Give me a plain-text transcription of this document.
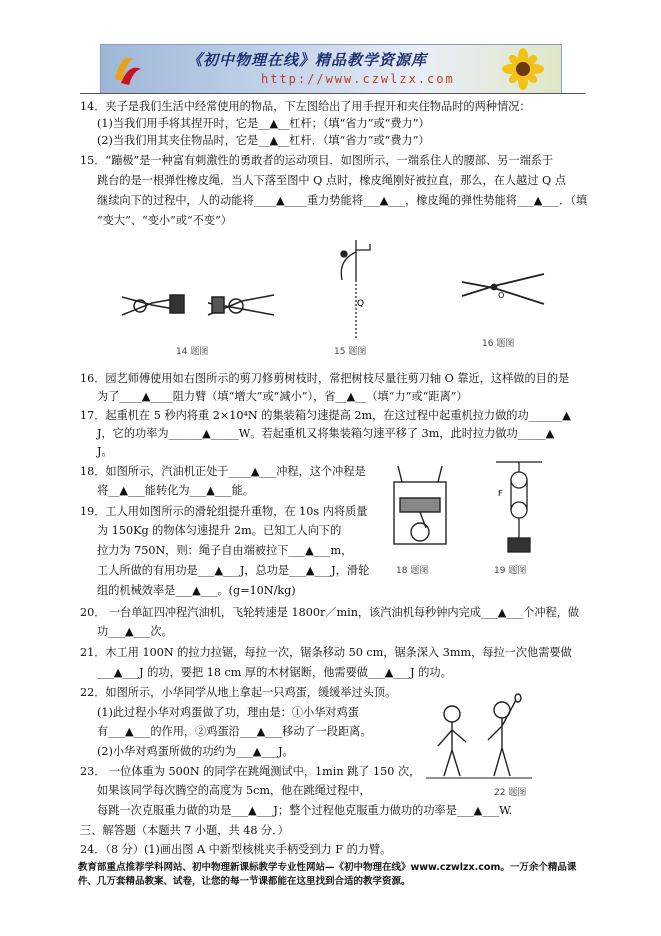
《初中物理在线》精品教学资源库
http://www.czwlzx.com
14．夹子是我们生活中经常使用的物品，下左图给出了用手捏开和夹住物品时的两种情况：
(1)当我们用手将其捏开时，它是__▲__杠杆；（填“省力”或“费力”）
(2)当我们用其夹住物品时，它是__▲__杠杆．（填“省力”或“费力”）
15．“蹦极”是一种富有刺激性的勇敢者的运动项目．如图所示，一端系住人的腰部、另一端系于
跳台的是一根弹性橡皮绳．当人下落至图中 Q 点时，橡皮绳刚好被拉直，那么，在人越过 Q 点
继续向下的过程中，人的动能将____▲____重力势能将___▲___，橡皮绳的弹性势能将___▲___．（填
“变大”、“变小”或“不变”）
14 题图
Q
15 题图
O
16 题图
16．园艺师傅使用如右图所示的剪刀修剪树枝时，常把树枝尽量往剪刀轴 O 靠近，这样做的目的是
为了____▲____阻力臂（填“增大”或“减小”），省__▲__（填“力”或“距离”）
17．起重机在 5 秒内将重 2×10⁴N 的集装箱匀速提高 2m，在这过程中起重机拉力做的功______▲
J，它的功率为______▲_____W。若起重机又将集装箱匀速平移了 3m，此时拉力做功_____▲
J。
18．如图所示，汽油机正处于____▲___冲程，这个冲程是
将__▲___能转化为___▲___能。
19．工人用如图所示的滑轮组提升重物，在 10s 内将质量
为 150Kg 的物体匀速提升 2m。已知工人向下的
拉力为 750N，则：绳子自由端被拉下___▲___m，
工人所做的有用功是___▲___J，总功是___▲___J，滑轮
组的机械效率是___▲___。(g=10N/kg)
18 题图
F
19 题图
20． 一台单缸四冲程汽油机，飞轮转速是 1800r／min，该汽油机每秒钟内完成___▲___个冲程，做
功___▲___次。
21．木工用 100N 的拉力拉锯，每拉一次，锯条移动 50 cm，锯条深入 3mm，每拉一次他需要做
___▲___J 的功，要把 18 cm 厚的木材锯断，他需要做___▲___J 的功。
22．如图所示，小华同学从地上拿起一只鸡蛋，缓缓举过头顶。
(1)此过程小华对鸡蛋做了功，理由是：①小华对鸡蛋
有___▲___的作用，②鸡蛋沿___▲___移动了一段距离。
(2)小华对鸡蛋所做的功约为___▲___J。
22 题图
23． 一位体重为 500N 的同学在跳绳测试中，1min 跳了 150 次，
如果该同学每次腾空的高度为 5cm，他在跳绳过程中，
每跳一次克服重力做的功是___▲___J；整个过程他克服重力做功的功率是___▲___W.
三、解答题（本题共 7 小题，共 48 分．）
24．（8 分）(1)画出图 A 中新型核桃夹手柄受到力 F 的力臂。
教育部重点推荐学科网站、初中物理新课标教学专业性网站—《初中物理在线》www.czwlzx.com。一万余个精品课
件、几万套精品教案、试卷，让您的每一节课都能在这里找到合适的教学资源。
